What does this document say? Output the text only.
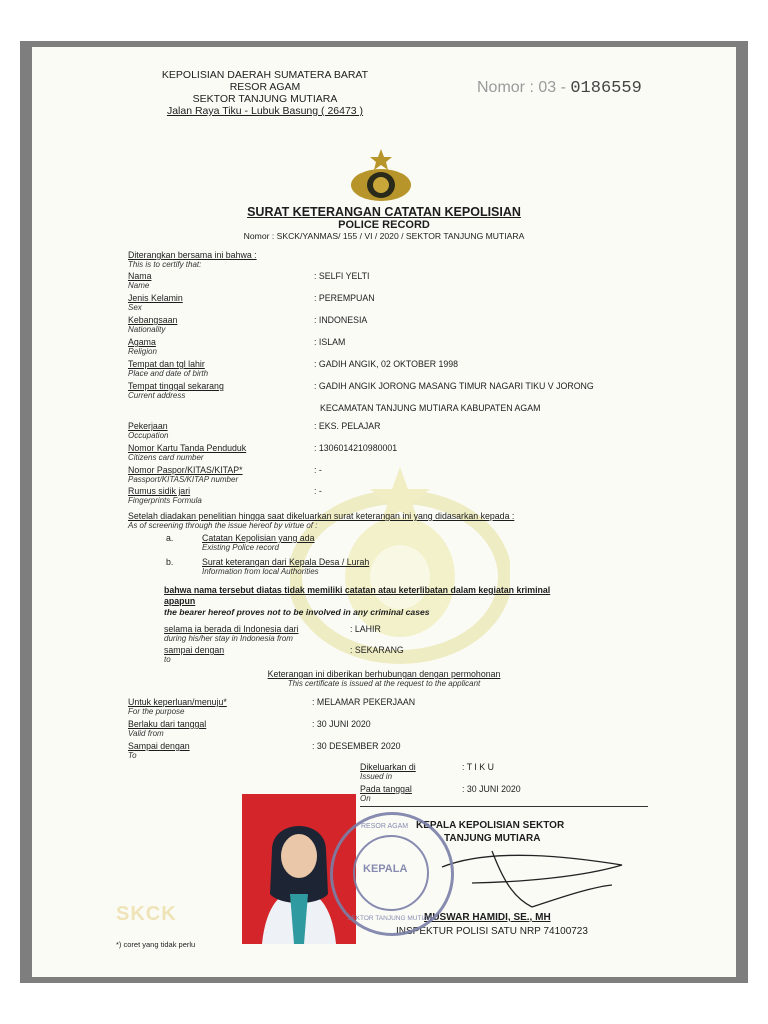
KEPOLISIAN DAERAH SUMATERA BARAT
RESOR AGAM
SEKTOR TANJUNG MUTIARA
Jalan Raya Tiku - Lubuk Basung ( 26473 )
Nomor : 03 - 0186559
SURAT KETERANGAN CATATAN KEPOLISIAN
POLICE RECORD
Nomor : SKCK/YANMAS/ 155 / VI / 2020 / SEKTOR TANJUNG MUTIARA
Diterangkan bersama ini bahwa :
This is to certify that:
Nama
Name
: SELFI YELTI
Jenis Kelamin
Sex
: PEREMPUAN
Kebangsaan
Nationality
: INDONESIA
Agama
Religion
: ISLAM
Tempat dan tgl lahir
Place and date of birth
: GADIH ANGIK, 02 OKTOBER 1998
Tempat tinggal sekarang
Current address
: GADIH ANGIK JORONG MASANG TIMUR NAGARI TIKU V JORONG
KECAMATAN TANJUNG MUTIARA KABUPATEN AGAM
Pekerjaan
Occupation
: EKS. PELAJAR
Nomor Kartu Tanda Penduduk
Citizens card number
: 1306014210980001
Nomor Paspor/KITAS/KITAP*
Passport/KITAS/KITAP number
: -
Rumus sidik jari
Fingerprints Formula
: -
Setelah diadakan penelitian hingga saat dikeluarkan surat keterangan ini yang didasarkan kepada :
As of screening through the issue hereof by virtue of :
a.	Catatan Kepolisian yang ada
Existing Police record
b.	Surat keterangan dari Kepala Desa / Lurah
Information from local Authorities
bahwa nama tersebut diatas tidak memiliki catatan atau keterlibatan dalam kegiatan kriminal
apapun
the bearer hereof proves not to be involved in any criminal cases
selama ia berada di Indonesia dari
during his/her stay in Indonesia from
: LAHIR
sampai dengan
to
: SEKARANG
Keterangan ini diberikan berhubungan dengan permohonan
This certificate is issued at the request to the applicant
Untuk keperluan/menuju*
For the purpose
: MELAMAR PEKERJAAN
Berlaku dari tanggal
Valid from
: 30 JUNI 2020
Sampai dengan
To
: 30 DESEMBER 2020
Dikeluarkan di
Issued in
: T I K U
Pada tanggal
On
: 30 JUNI 2020
KEPALA KEPOLISIAN SEKTOR
TANJUNG MUTIARA
MUSWAR HAMIDI, SE., MH
INSPEKTUR POLISI SATU NRP 74100723
SKCK
*) coret yang tidak perlu
KEPALA
RESOR AGAM
SEKTOR TANJUNG MUTIARA
